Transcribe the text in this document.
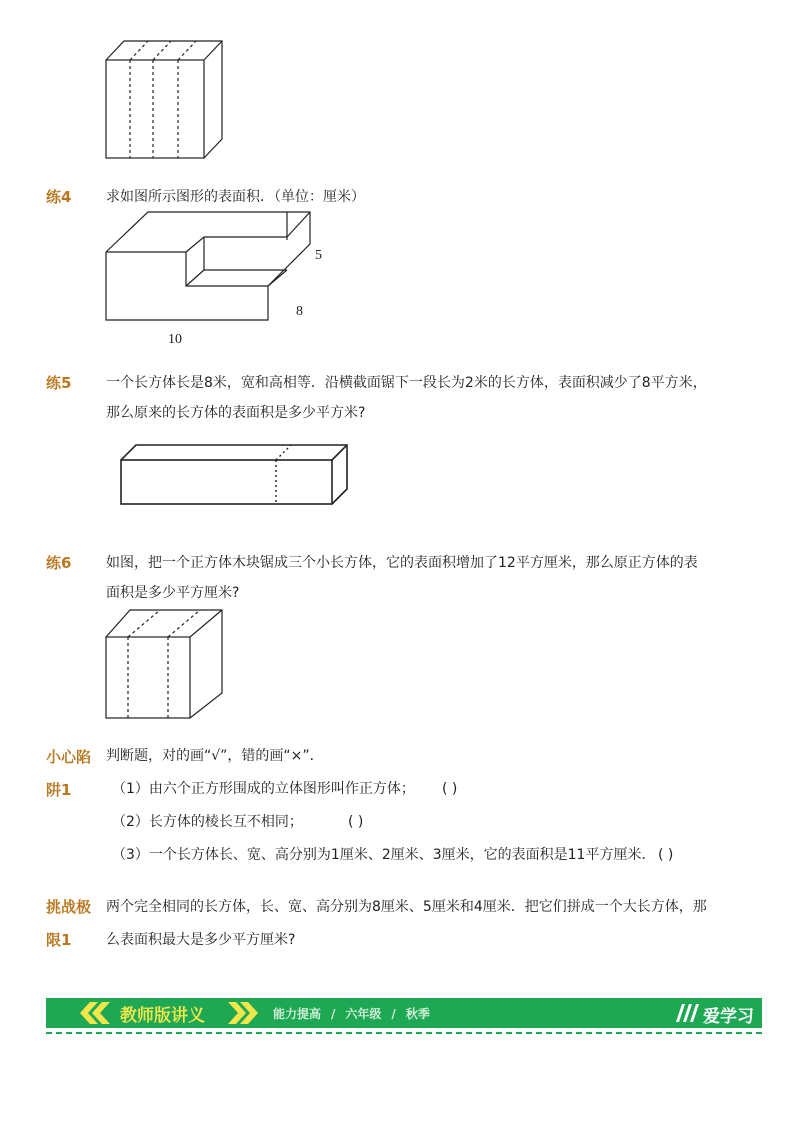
练4 求如图所示图形的表面积．（单位：厘米）
5
8
10
练5 一个长方体长是8米，宽和高相等．沿横截面锯下一段长为2米的长方体，表面积减少了8平方米，
那么原来的长方体的表面积是多少平方米?
练6 如图，把一个正方体木块锯成三个小长方体，它的表面积增加了12平方厘米，那么原正方体的表
面积是多少平方厘米?
小心陷
阱1
判断题，对的画“√”，错的画“×”．
（1）由六个正方形围成的立体图形叫作正方体； ( )
（2）长方体的棱长互不相同；	( )
（3）一个长方体长、宽、高分别为1厘米、2厘米、3厘米，它的表面积是11平方厘米． ( )
挑战极
限1
两个完全相同的长方体，长、宽、高分别为8厘米、5厘米和4厘米．把它们拼成一个大长方体，那
么表面积最大是多少平方厘米?
教师版讲义	能力提高 / 六年级 / 秋季	爱学习
